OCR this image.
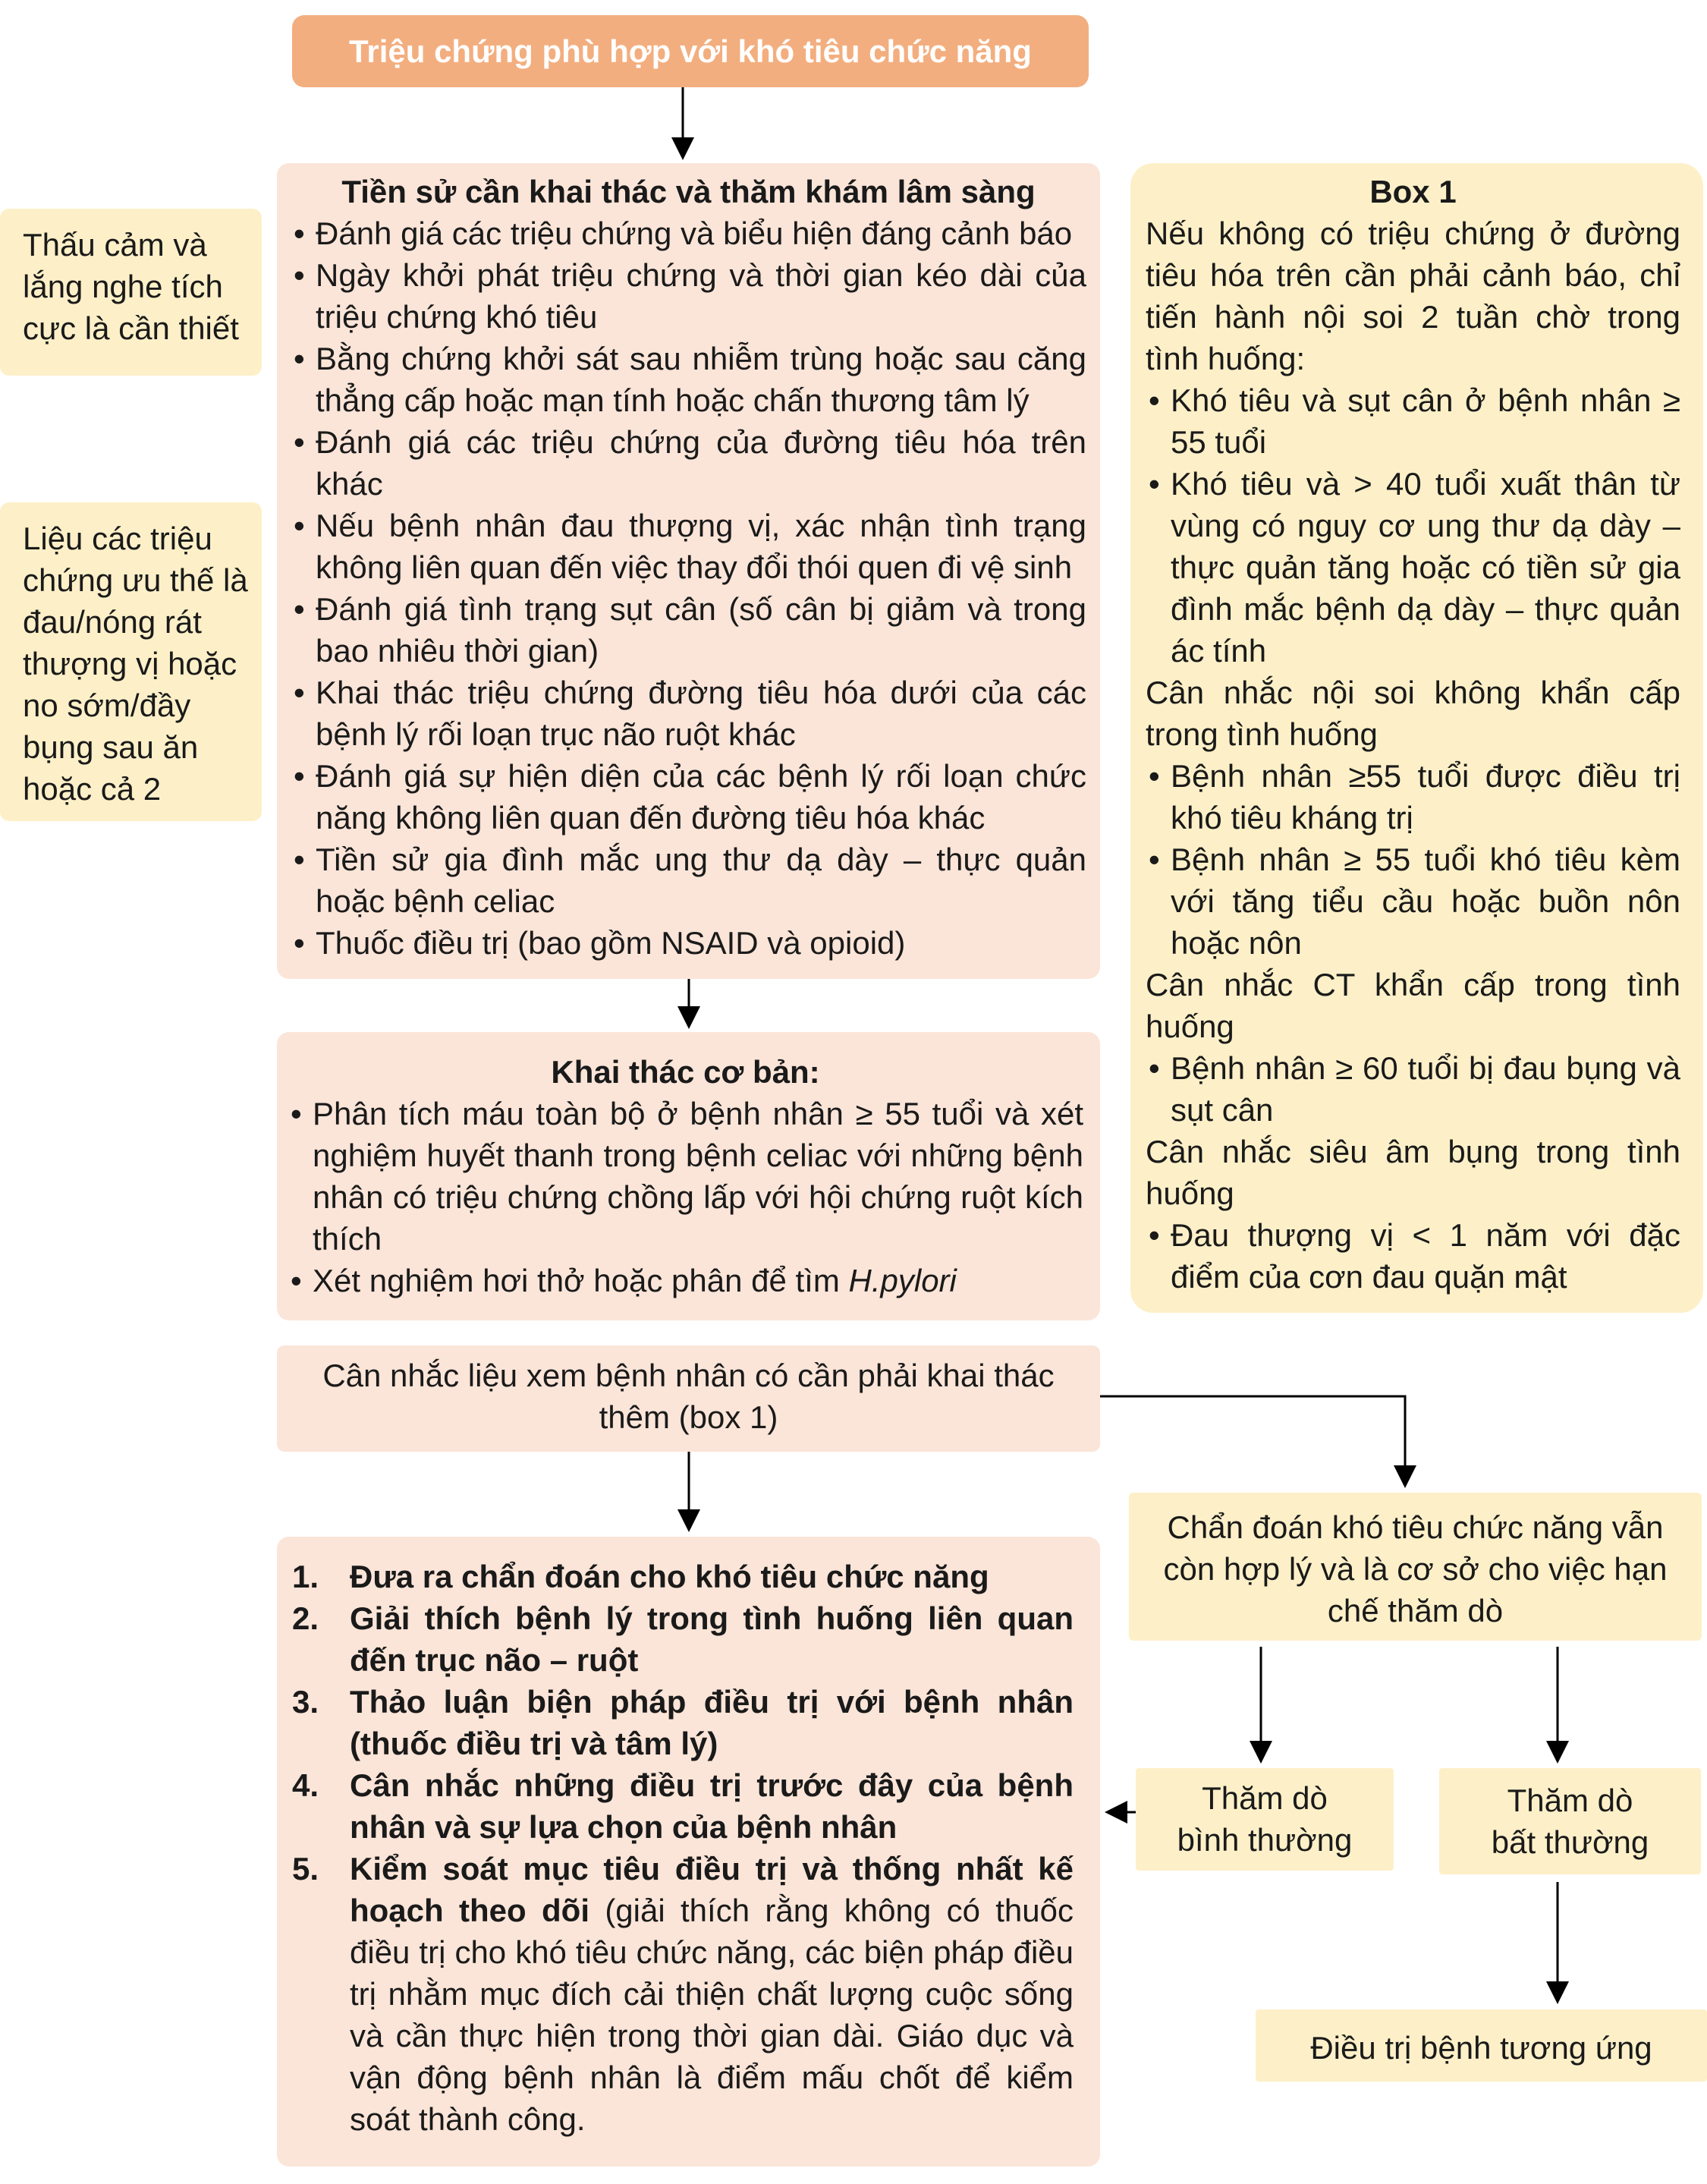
Triệu chứng phù hợp với khó tiêu chức năng
Thấu cảm và
lắng nghe tích
cực là cần thiết
Liệu các triệu
chứng ưu thế là
đau/nóng rát
thượng vị hoặc
no sớm/đầy
bụng sau ăn
hoặc cả 2
Tiền sử cần khai thác và thăm khám lâm sàng
• Đánh giá các triệu chứng và biểu hiện đáng cảnh báo
• Ngày khởi phát triệu chứng và thời gian kéo dài của triệu chứng khó tiêu
• Bằng chứng khởi sát sau nhiễm trùng hoặc sau căng thẳng cấp hoặc mạn tính hoặc chấn thương tâm lý
• Đánh giá các triệu chứng của đường tiêu hóa trên khác
• Nếu bệnh nhân đau thượng vị, xác nhận tình trạng không liên quan đến việc thay đổi thói quen đi vệ sinh
• Đánh giá tình trạng sụt cân (số cân bị giảm và trong bao nhiêu thời gian)
• Khai thác triệu chứng đường tiêu hóa dưới của các bệnh lý rối loạn trục não ruột khác
• Đánh giá sự hiện diện của các bệnh lý rối loạn chức năng không liên quan đến đường tiêu hóa khác
• Tiền sử gia đình mắc ung thư dạ dày – thực quản hoặc bệnh celiac
• Thuốc điều trị (bao gồm NSAID và opioid)
Khai thác cơ bản:
• Phân tích máu toàn bộ ở bệnh nhân ≥ 55 tuổi và xét nghiệm huyết thanh trong bệnh celiac với những bệnh nhân có triệu chứng chồng lấp với hội chứng ruột kích thích
• Xét nghiệm hơi thở hoặc phân để tìm H.pylori
Cân nhắc liệu xem bệnh nhân có cần phải khai thác thêm (box 1)
1. Đưa ra chẩn đoán cho khó tiêu chức năng
2. Giải thích bệnh lý trong tình huống liên quan đến trục não – ruột
3. Thảo luận biện pháp điều trị với bệnh nhân (thuốc điều trị và tâm lý)
4. Cân nhắc những điều trị trước đây của bệnh nhân và sự lựa chọn của bệnh nhân
5. Kiểm soát mục tiêu điều trị và thống nhất kế hoạch theo dõi (giải thích rằng không có thuốc điều trị cho khó tiêu chức năng, các biện pháp điều trị nhằm mục đích cải thiện chất lượng cuộc sống và cần thực hiện trong thời gian dài. Giáo dục và vận động bệnh nhân là điểm mấu chốt để kiểm soát thành công.
Box 1
Nếu không có triệu chứng ở đường tiêu hóa trên cần phải cảnh báo, chỉ tiến hành nội soi 2 tuần chờ trong tình huống:
• Khó tiêu và sụt cân ở bệnh nhân ≥ 55 tuổi
• Khó tiêu và > 40 tuổi xuất thân từ vùng có nguy cơ ung thư dạ dày – thực quản tăng hoặc có tiền sử gia đình mắc bệnh dạ dày – thực quản ác tính
Cân nhắc nội soi không khẩn cấp trong tình huống
• Bệnh nhân ≥55 tuổi được điều trị khó tiêu kháng trị
• Bệnh nhân ≥ 55 tuổi khó tiêu kèm với tăng tiểu cầu hoặc buồn nôn hoặc nôn
Cân nhắc CT khẩn cấp trong tình huống
• Bệnh nhân ≥ 60 tuổi bị đau bụng và sụt cân
Cân nhắc siêu âm bụng trong tình huống
• Đau thượng vị < 1 năm với đặc điểm của cơn đau quặn mật
Chẩn đoán khó tiêu chức năng vẫn
còn hợp lý và là cơ sở cho việc hạn
chế thăm dò
Thăm dò
bình thường
Thăm dò
bất thường
Điều trị bệnh tương ứng
